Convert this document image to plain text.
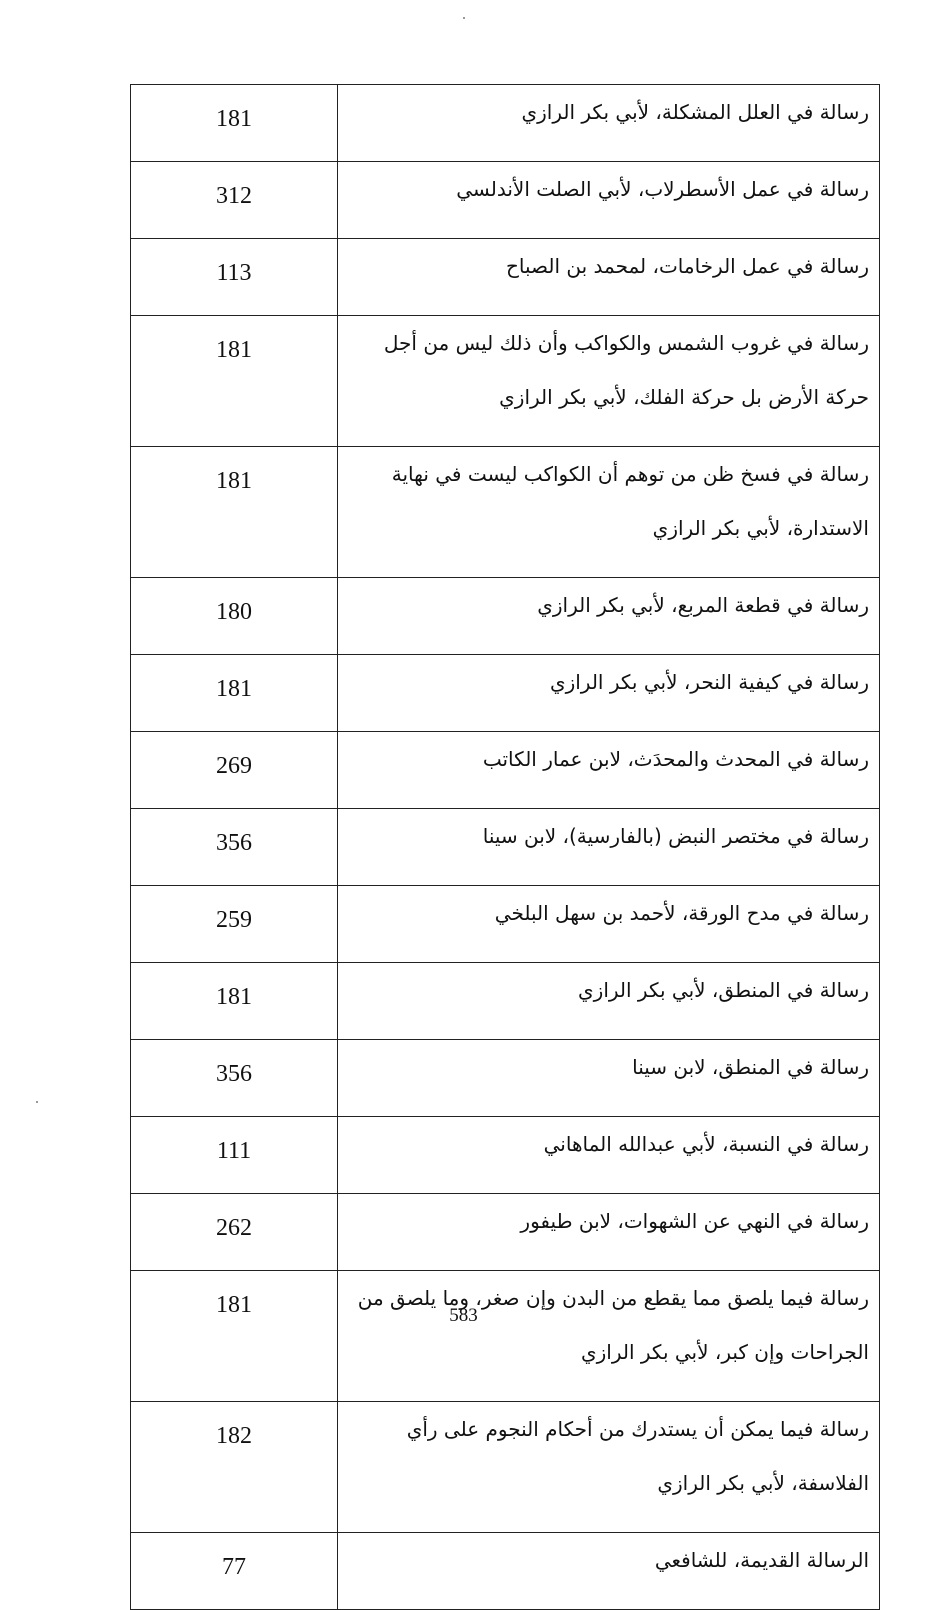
181	رسالة في العلل المشكلة، لأبي بكر الرازي
312	رسالة في عمل الأسطرلاب، لأبي الصلت الأندلسي
113	رسالة في عمل الرخامات، لمحمد بن الصباح
181	رسالة في غروب الشمس والكواكب وأن ذلك ليس من أجل حركة الأرض بل حركة الفلك، لأبي بكر الرازي
181	رسالة في فسخ ظن من توهم أن الكواكب ليست في نهاية الاستدارة، لأبي بكر الرازي
180	رسالة في قطعة المربع، لأبي بكر الرازي
181	رسالة في كيفية النحر، لأبي بكر الرازي
269	رسالة في المحدث والمحدَث، لابن عمار الكاتب
356	رسالة في مختصر النبض (بالفارسية)، لابن سينا
259	رسالة في مدح الورقة، لأحمد بن سهل البلخي
181	رسالة في المنطق، لأبي بكر الرازي
356	رسالة في المنطق، لابن سينا
111	رسالة في النسبة، لأبي عبدالله الماهاني
262	رسالة في النهي عن الشهوات، لابن طيفور
181	رسالة فيما يلصق مما يقطع من البدن وإن صغر، وما يلصق من الجراحات وإن كبر، لأبي بكر الرازي
182	رسالة فيما يمكن أن يستدرك من أحكام النجوم على رأي الفلاسفة، لأبي بكر الرازي
77	الرسالة القديمة، للشافعي
583
